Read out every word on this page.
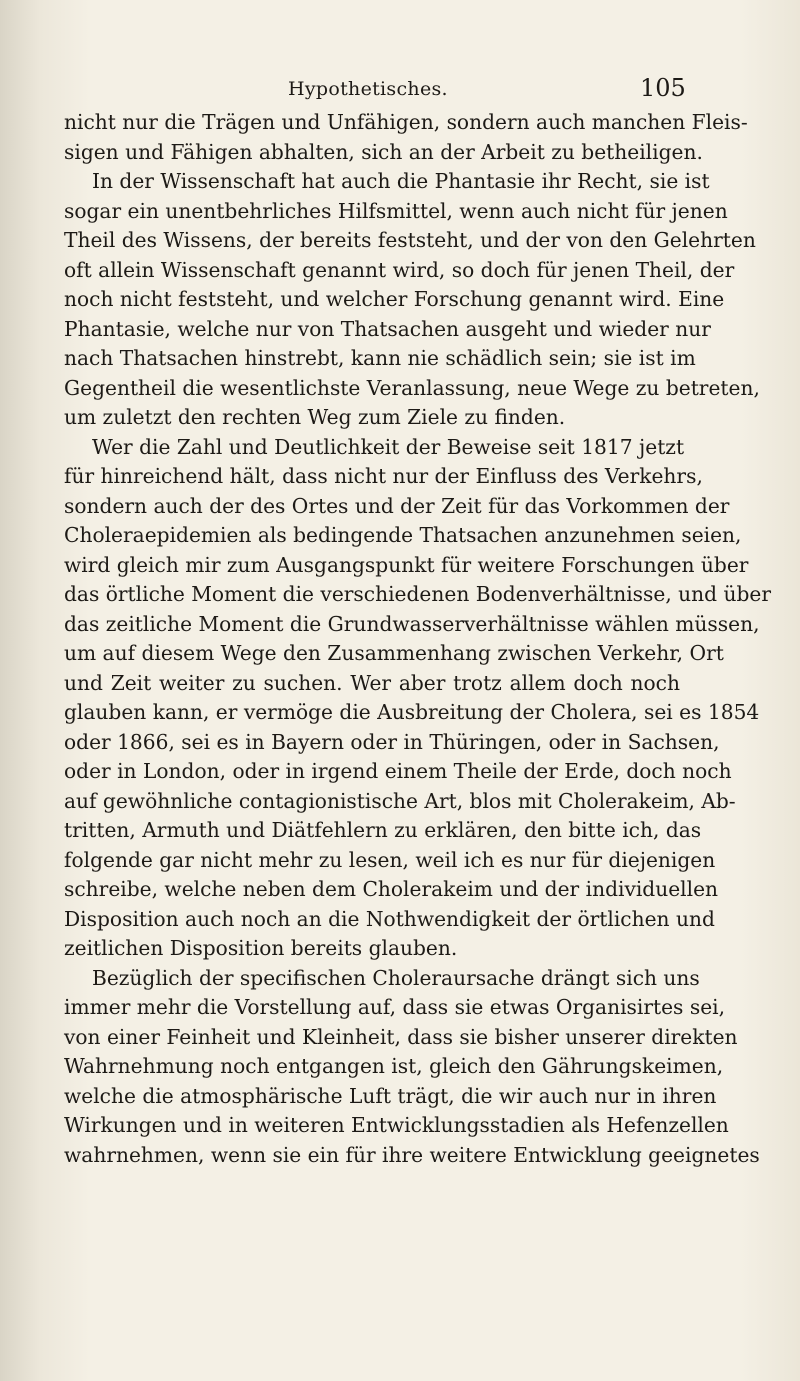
Hypothetisches.	105
nicht nur die Trägen und Unfähigen, sondern auch manchen Fleis-
sigen und Fähigen abhalten, sich an der Arbeit zu betheiligen.
In der Wissenschaft hat auch die Phantasie ihr Recht, sie ist
sogar ein unentbehrliches Hilfsmittel, wenn auch nicht für jenen
Theil des Wissens, der bereits feststeht, und der von den Gelehrten
oft allein Wissenschaft genannt wird, so doch für jenen Theil, der
noch nicht feststeht, und welcher Forschung genannt wird. Eine
Phantasie, welche nur von Thatsachen ausgeht und wieder nur
nach Thatsachen hinstrebt, kann nie schädlich sein; sie ist im
Gegentheil die wesentlichste Veranlassung, neue Wege zu betreten,
um zuletzt den rechten Weg zum Ziele zu finden.
Wer die Zahl und Deutlichkeit der Beweise seit 1817 jetzt
für hinreichend hält, dass nicht nur der Einfluss des Verkehrs,
sondern auch der des Ortes und der Zeit für das Vorkommen der
Choleraepidemien als bedingende Thatsachen anzunehmen seien,
wird gleich mir zum Ausgangspunkt für weitere Forschungen über
das örtliche Moment die verschiedenen Bodenverhältnisse, und über
das zeitliche Moment die Grundwasserverhältnisse wählen müssen,
um auf diesem Wege den Zusammenhang zwischen Verkehr, Ort
und Zeit weiter zu suchen. Wer aber trotz allem doch noch
glauben kann, er vermöge die Ausbreitung der Cholera, sei es 1854
oder 1866, sei es in Bayern oder in Thüringen, oder in Sachsen,
oder in London, oder in irgend einem Theile der Erde, doch noch
auf gewöhnliche contagionistische Art, blos mit Cholerakeim, Ab-
tritten, Armuth und Diätfehlern zu erklären, den bitte ich, das
folgende gar nicht mehr zu lesen, weil ich es nur für diejenigen
schreibe, welche neben dem Cholerakeim und der individuellen
Disposition auch noch an die Nothwendigkeit der örtlichen und
zeitlichen Disposition bereits glauben.
Bezüglich der specifischen Choleraursache drängt sich uns
immer mehr die Vorstellung auf, dass sie etwas Organisirtes sei,
von einer Feinheit und Kleinheit, dass sie bisher unserer direkten
Wahrnehmung noch entgangen ist, gleich den Gährungskeimen,
welche die atmosphärische Luft trägt, die wir auch nur in ihren
Wirkungen und in weiteren Entwicklungsstadien als Hefenzellen
wahrnehmen, wenn sie ein für ihre weitere Entwicklung geeignetes
